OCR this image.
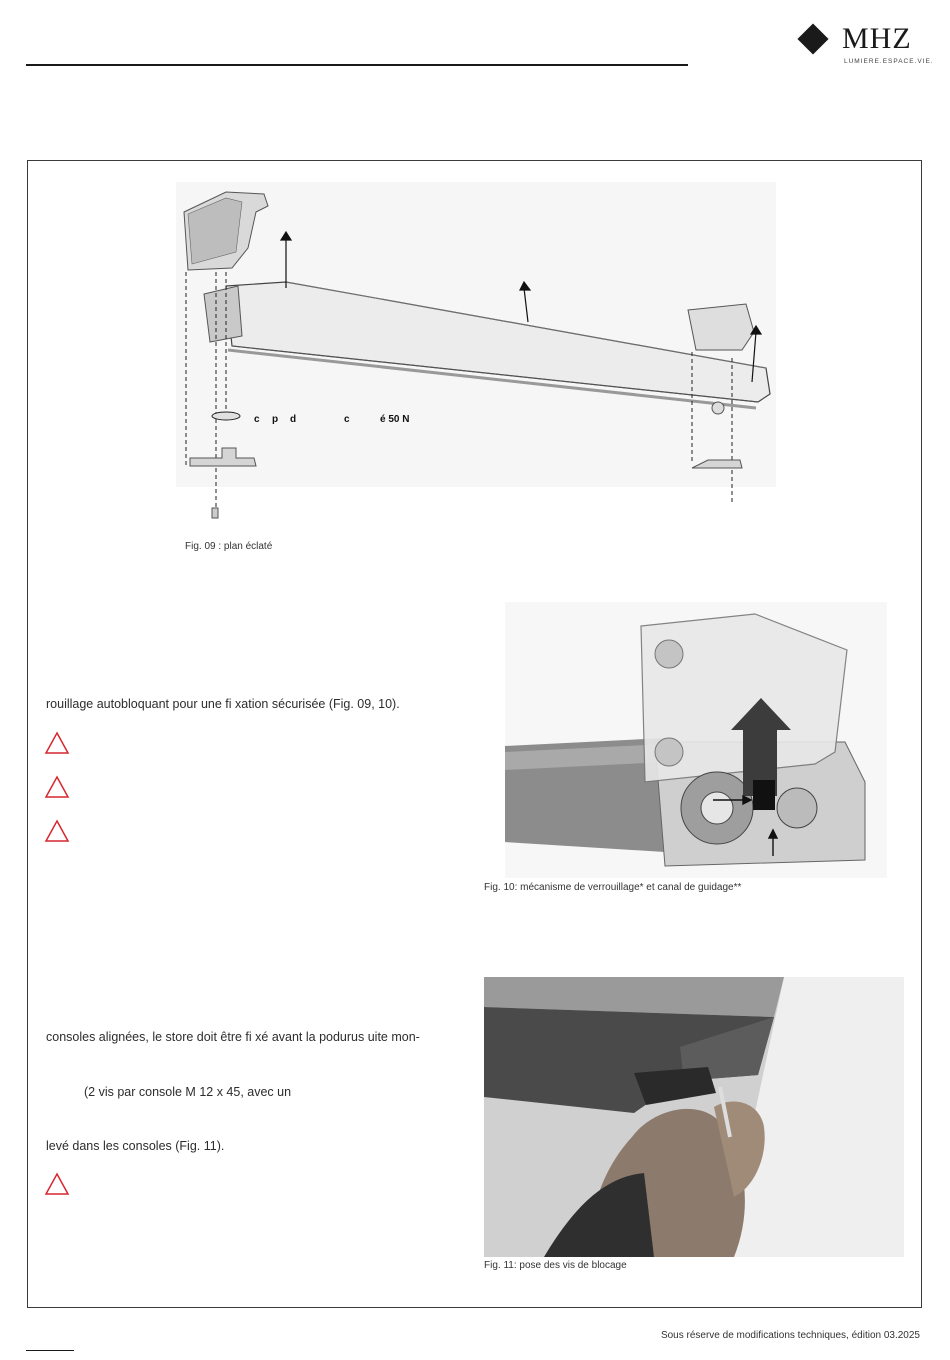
MHZ
LUMIERE.ESPACE.VIE.
c p d	c	é 50 N
Fig. 09 : plan éclaté
Fig. 10: mécanisme de verrouillage* et canal de guidage**
Fig. 11: pose des vis de blocage
rouillage autobloquant pour une fi xation sécurisée (Fig. 09, 10).
consoles alignées, le store doit être fi xé avant la podurus uite mon-
(2 vis par console M 12 x 45, avec un
levé dans les consoles (Fig. 11).
Sous réserve de modifications techniques, édition 03.2025
